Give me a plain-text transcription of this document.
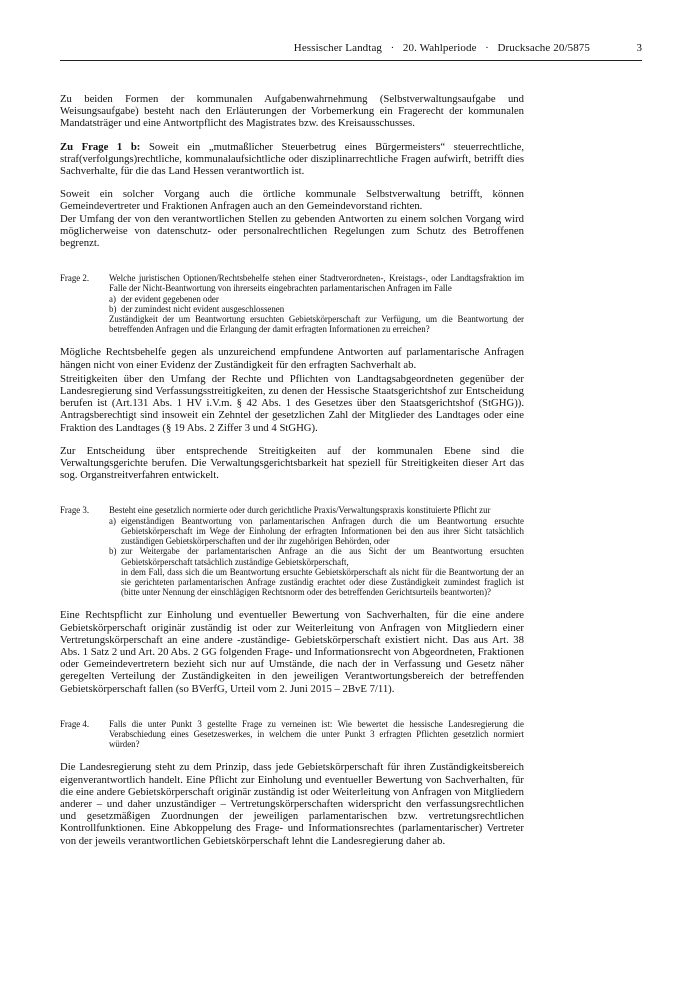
Hessischer Landtag   ·   20. Wahlperiode   ·   Drucksache 20/5875	3

Zu beiden Formen der kommunalen Aufgabenwahrnehmung (Selbstverwaltungsaufgabe und Weisungsaufgabe) besteht nach den Erläuterungen der Vorbemerkung ein Fragerecht der kommunalen Mandatsträger und eine Antwortpflicht des Magistrates bzw. des Kreisausschusses.

Zu Frage 1 b: Soweit ein „mutmaßlicher Steuerbetrug eines Bürgermeisters“ steuerrechtliche, straf(verfolgungs)rechtliche, kommunalaufsichtliche oder disziplinarrechtliche Fragen aufwirft, betrifft dies Sachverhalte, für die das Land Hessen verantwortlich ist.

Soweit ein solcher Vorgang auch die örtliche kommunale Selbstverwaltung betrifft, können Gemeindevertreter und Fraktionen Anfragen auch an den Gemeindevorstand richten.

Der Umfang der von den verantwortlichen Stellen zu gebenden Antworten zu einem solchen Vorgang wird möglicherweise von datenschutz- oder personalrechtlichen Regelungen zum Schutz des Betroffenen begrenzt.

Frage 2.	Welche juristischen Optionen/Rechtsbehelfe stehen einer Stadtverordneten-, Kreistags-, oder Landtagsfraktion im Falle der Nicht-Beantwortung von ihrerseits eingebrachten parlamentarischen Anfragen im Falle
a) der evident gegebenen oder
b) der zumindest nicht evident ausgeschlossenen
Zuständigkeit der um Beantwortung ersuchten Gebietskörperschaft zur Verfügung, um die Beantwortung der betreffenden Anfragen und die Erlangung der damit erfragten Informationen zu erreichen?

Mögliche Rechtsbehelfe gegen als unzureichend empfundene Antworten auf parlamentarische Anfragen hängen nicht von einer Evidenz der Zuständigkeit für den erfragten Sachverhalt ab.

Streitigkeiten über den Umfang der Rechte und Pflichten von Landtagsabgeordneten gegenüber der Landesregierung sind Verfassungsstreitigkeiten, zu denen der Hessische Staatsgerichtshof zur Entscheidung berufen ist (Art.131 Abs. 1 HV i.V.m. § 42 Abs. 1 des Gesetzes über den Staatsgerichtshof (StGHG)). Antragsberechtigt sind insoweit ein Zehntel der gesetzlichen Zahl der Mitglieder des Landtages oder eine Fraktion des Landtages (§ 19 Abs. 2 Ziffer 3 und 4 StGHG).

Zur Entscheidung über entsprechende Streitigkeiten auf der kommunalen Ebene sind die Verwaltungsgerichte berufen. Die Verwaltungsgerichtsbarkeit hat speziell für Streitigkeiten dieser Art das sog. Organstreitverfahren entwickelt.

Frage 3.	Besteht eine gesetzlich normierte oder durch gerichtliche Praxis/Verwaltungspraxis konstituierte Pflicht zur
a) eigenständigen Beantwortung von parlamentarischen Anfragen durch die um Beantwortung ersuchte Gebietskörperschaft im Wege der Einholung der erfragten Informationen bei den aus ihrer Sicht tatsächlich zuständigen Gebietskörperschaften und der ihr zugehörigen Behörden, oder
b) zur Weitergabe der parlamentarischen Anfrage an die aus Sicht der um Beantwortung ersuchten Gebietskörperschaft tatsächlich zuständige Gebietskörperschaft,
in dem Fall, dass sich die um Beantwortung ersuchte Gebietskörperschaft als nicht für die Beantwortung der an sie gerichteten parlamentarischen Anfrage zuständig erachtet oder diese Zuständigkeit zumindest fraglich ist (bitte unter Nennung der einschlägigen Rechtsnorm oder des betreffenden Gerichtsurteils beantworten)?

Eine Rechtspflicht zur Einholung und eventueller Bewertung von Sachverhalten, für die eine andere Gebietskörperschaft originär zuständig ist oder zur Weiterleitung von Anfragen von Mitgliedern einer Vertretungskörperschaft an eine andere -zuständige- Gebietskörperschaft existiert nicht. Das aus Art. 38 Abs. 1 Satz 2 und Art. 20 Abs. 2 GG folgenden Frage- und Informationsrecht von Abgeordneten, Fraktionen oder Gemeindevertretern bezieht sich nur auf Umstände, die nach der in Verfassung und Gesetz näher geregelten Verteilung der Zuständigkeiten in den jeweiligen Verantwortungsbereich der betreffenden Gebietskörperschaft fallen (so BVerfG, Urteil vom 2. Juni 2015 – 2BvE 7/11).

Frage 4.	Falls die unter Punkt 3 gestellte Frage zu verneinen ist: Wie bewertet die hessische Landesregierung die Verabschiedung eines Gesetzeswerkes, in welchem die unter Punkt 3 erfragten Pflichten gesetzlich normiert würden?

Die Landesregierung steht zu dem Prinzip, dass jede Gebietskörperschaft für ihren Zuständigkeitsbereich eigenverantwortlich handelt. Eine Pflicht zur Einholung und eventueller Bewertung von Sachverhalten, für die eine andere Gebietskörperschaft originär zuständig ist oder Weiterleitung von Anfragen von Mitgliedern anderer – und daher unzuständiger – Vertretungskörperschaften widerspricht den verfassungsrechtlichen und gesetzmäßigen Zuordnungen der jeweiligen parlamentarischen bzw. vertretungsrechtlichen Kontrollfunktionen. Eine Abkoppelung des Frage- und Informationsrechtes (parlamentarischer) Vertreter von der jeweils verantwortlichen Gebietskörperschaft lehnt die Landesregierung daher ab.
